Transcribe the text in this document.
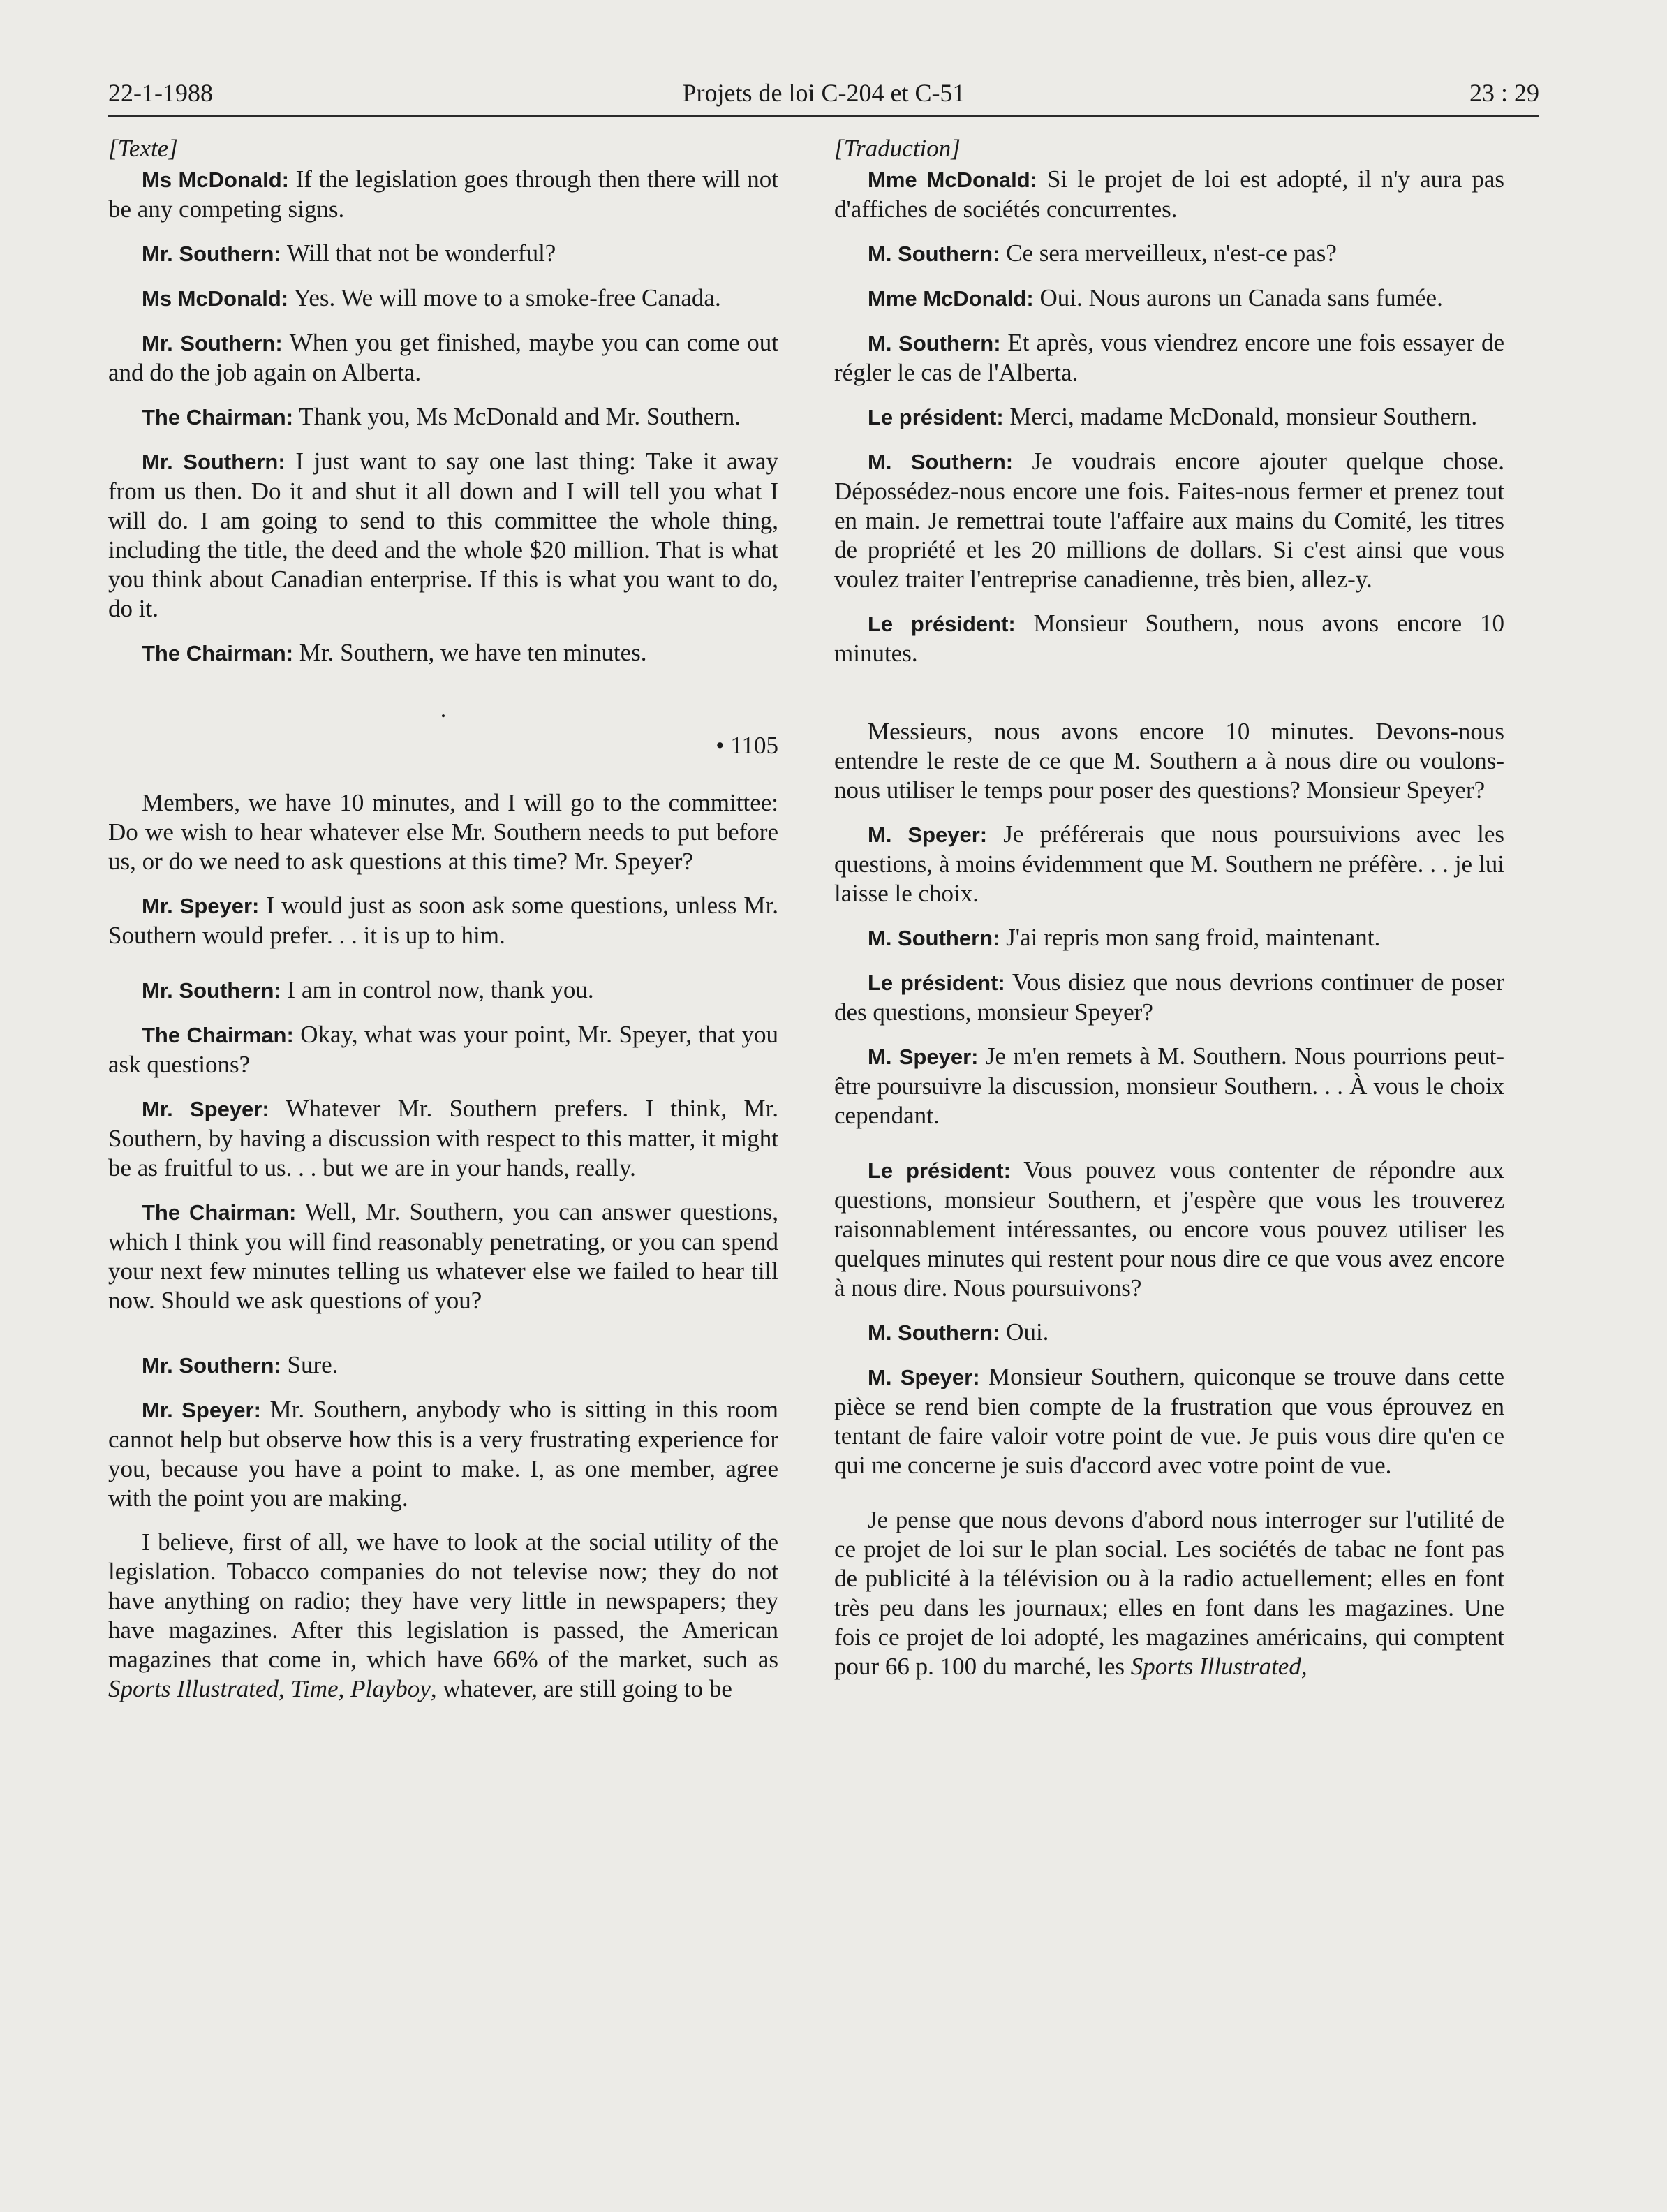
22-1-1988	Projets de loi C-204 et C-51	23 : 29

[Texte]

Ms McDonald: If the legislation goes through then there will not be any competing signs.

Mr. Southern: Will that not be wonderful?

Ms McDonald: Yes. We will move to a smoke-free Canada.

Mr. Southern: When you get finished, maybe you can come out and do the job again on Alberta.

The Chairman: Thank you, Ms McDonald and Mr. Southern.

Mr. Southern: I just want to say one last thing: Take it away from us then. Do it and shut it all down and I will tell you what I will do. I am going to send to this committee the whole thing, including the title, the deed and the whole $20 million. That is what you think about Canadian enterprise. If this is what you want to do, do it.

The Chairman: Mr. Southern, we have ten minutes.

.

• 1105

Members, we have 10 minutes, and I will go to the committee: Do we wish to hear whatever else Mr. Southern needs to put before us, or do we need to ask questions at this time? Mr. Speyer?

Mr. Speyer: I would just as soon ask some questions, unless Mr. Southern would prefer. . . it is up to him.

Mr. Southern: I am in control now, thank you.

The Chairman: Okay, what was your point, Mr. Speyer, that you ask questions?

Mr. Speyer: Whatever Mr. Southern prefers. I think, Mr. Southern, by having a discussion with respect to this matter, it might be as fruitful to us. . . but we are in your hands, really.

The Chairman: Well, Mr. Southern, you can answer questions, which I think you will find reasonably penetrating, or you can spend your next few minutes telling us whatever else we failed to hear till now. Should we ask questions of you?

Mr. Southern: Sure.

Mr. Speyer: Mr. Southern, anybody who is sitting in this room cannot help but observe how this is a very frustrating experience for you, because you have a point to make. I, as one member, agree with the point you are making.

I believe, first of all, we have to look at the social utility of the legislation. Tobacco companies do not televise now; they do not have anything on radio; they have very little in newspapers; they have magazines. After this legislation is passed, the American magazines that come in, which have 66% of the market, such as Sports Illustrated, Time, Playboy, whatever, are still going to be

[Traduction]

Mme McDonald: Si le projet de loi est adopté, il n'y aura pas d'affiches de sociétés concurrentes.

M. Southern: Ce sera merveilleux, n'est-ce pas?

Mme McDonald: Oui. Nous aurons un Canada sans fumée.

M. Southern: Et après, vous viendrez encore une fois essayer de régler le cas de l'Alberta.

Le président: Merci, madame McDonald, monsieur Southern.

M. Southern: Je voudrais encore ajouter quelque chose. Dépossédez-nous encore une fois. Faites-nous fermer et prenez tout en main. Je remettrai toute l'affaire aux mains du Comité, les titres de propriété et les 20 millions de dollars. Si c'est ainsi que vous voulez traiter l'entreprise canadienne, très bien, allez-y.

Le président: Monsieur Southern, nous avons encore 10 minutes.

Messieurs, nous avons encore 10 minutes. Devons-nous entendre le reste de ce que M. Southern a à nous dire ou voulons-nous utiliser le temps pour poser des questions? Monsieur Speyer?

M. Speyer: Je préférerais que nous poursuivions avec les questions, à moins évidemment que M. Southern ne préfère. . . je lui laisse le choix.

M. Southern: J'ai repris mon sang froid, maintenant.

Le président: Vous disiez que nous devrions continuer de poser des questions, monsieur Speyer?

M. Speyer: Je m'en remets à M. Southern. Nous pourrions peut-être poursuivre la discussion, monsieur Southern. . . À vous le choix cependant.

Le président: Vous pouvez vous contenter de répondre aux questions, monsieur Southern, et j'espère que vous les trouverez raisonnablement intéressantes, ou encore vous pouvez utiliser les quelques minutes qui restent pour nous dire ce que vous avez encore à nous dire. Nous poursuivons?

M. Southern: Oui.

M. Speyer: Monsieur Southern, quiconque se trouve dans cette pièce se rend bien compte de la frustration que vous éprouvez en tentant de faire valoir votre point de vue. Je puis vous dire qu'en ce qui me concerne je suis d'accord avec votre point de vue.

Je pense que nous devons d'abord nous interroger sur l'utilité de ce projet de loi sur le plan social. Les sociétés de tabac ne font pas de publicité à la télévision ou à la radio actuellement; elles en font très peu dans les journaux; elles en font dans les magazines. Une fois ce projet de loi adopté, les magazines américains, qui comptent pour 66 p. 100 du marché, les Sports Illustrated,
